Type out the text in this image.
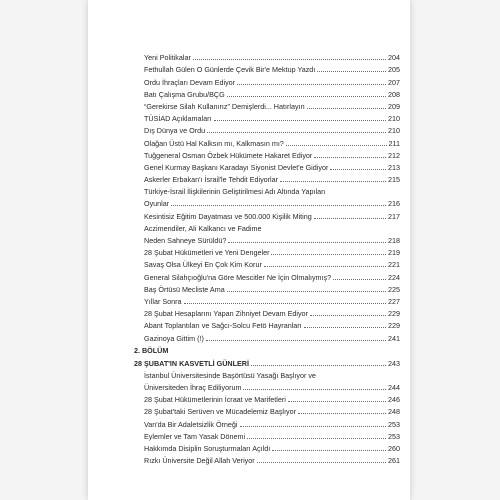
Yeni Politikalar	204
Fethullah Gülen O Günlerde Çevik Bir'e Mektup Yazdı	205
Ordu İhraçları Devam Ediyor	207
Batı Çalışma Grubu/BÇG	208
“Gerekirse Silah Kullanırız” Demişlerdi... Hatırlayın	209
TÜSİAD Açıklamaları	210
Dış Dünya ve Ordu	210
Olağan Üstü Hal Kalksın mı, Kalkmasın mı?	211
Tuğgeneral Osman Özbek Hükümete Hakaret Ediyor	212
Genel Kurmay Başkanı Karadayı Siyonist Devlet'e Gidiyor	213
Askerler Erbakan'ı İsrail'le Tehdit Ediyorlar	215
Türkiye-İsrail İlişkilerinin Geliştirilmesi Adı Altında Yapılan
Oyunlar	216
Kesintisiz Eğitim Dayatması ve 500.000 Kişilik Miting	217
Aczimendiler, Ali Kalkancı ve Fadime
Neden Sahneye Sürüldü?	218
28 Şubat Hükümetleri ve Yeni Dengeler	219
Savaş Olsa Ülkeyi En Çok Kim Korur	221
General Silahçıoğlu'na Göre Mescitler Ne İçin Olmalıymış?	224
Baş Örtüsü Mecliste Ama	225
Yıllar Sonra	227
28 Şubat Hesaplarını Yapan Zihniyet Devam Ediyor	229
Abant Toplantıları ve Sağcı-Solcu Fetö Hayranları	229
Gazinoya Gittim (!)	241
2. BÖLÜM
28 ŞUBAT'IN KASVETLİ GÜNLERİ	243
İstanbul Üniversitesinde Başörtüsü Yasağı Başlıyor ve
Üniversiteden İhraç Ediliyorum	244
28 Şubat Hükümetlerinin İcraat ve Marifetleri	246
28 Şubat'taki Serüven ve Mücadelemiz Başlıyor	248
Van'da Bir Adaletsizlik Örneği	253
Eylemler ve Tam Yasak Dönemi	253
Hakkımda Disiplin Soruşturmaları Açıldı	260
Rızkı Üniversite Değil Allah Veriyor	261
